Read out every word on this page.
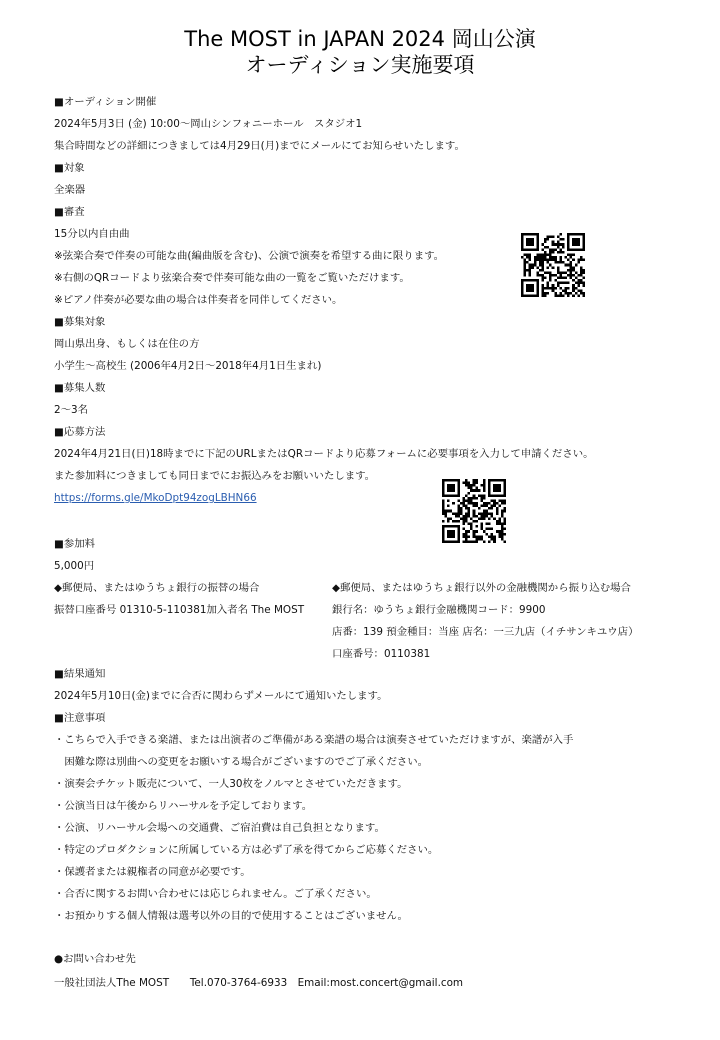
The MOST in JAPAN 2024 岡山公演
オーディション実施要項
■オーディション開催
2024年5月3日 (金) 10:00～岡山シンフォニーホール　スタジオ1
集合時間などの詳細につきましては4月29日(月)までにメールにてお知らせいたします。
■対象
全楽器
■審査
15分以内自由曲
※弦楽合奏で伴奏の可能な曲(編曲版を含む)、公演で演奏を希望する曲に限ります。
※右側のQRコードより弦楽合奏で伴奏可能な曲の一覧をご覧いただけます。
※ピアノ伴奏が必要な曲の場合は伴奏者を同伴してください。
■募集対象
岡山県出身、もしくは在住の方
小学生～高校生 (2006年4月2日～2018年4月1日生まれ)
■募集人数
2～3名
■応募方法
2024年4月21日(日)18時までに下記のURLまたはQRコードより応募フォームに必要事項を入力して申請ください。
また参加料につきましても同日までにお振込みをお願いいたします。
https://forms.gle/MkoDpt94zogLBHN66
■参加料
5,000円
◆郵便局、またはゆうちょ銀行の振替の場合
振替口座番号 01310-5-110381加入者名 The MOST
◆郵便局、またはゆうちょ銀行以外の金融機関から振り込む場合
銀行名：ゆうちょ銀行金融機関コード：9900
店番：139 預金種目：当座 店名：一三九店（イチサンキユウ店）
口座番号：0110381
■結果通知
2024年5月10日(金)までに合否に関わらずメールにて通知いたします。
■注意事項
・こちらで入手できる楽譜、または出演者のご準備がある楽譜の場合は演奏させていただけますが、楽譜が入手
　困難な際は別曲への変更をお願いする場合がございますのでご了承ください。
・演奏会チケット販売について、一人30枚をノルマとさせていただきます。
・公演当日は午後からリハーサルを予定しております。
・公演、リハーサル会場への交通費、ご宿泊費は自己負担となります。
・特定のプロダクションに所属している方は必ず了承を得てからご応募ください。
・保護者または親権者の同意が必要です。
・合否に関するお問い合わせには応じられません。ご了承ください。
・お預かりする個人情報は選考以外の目的で使用することはございません。
●お問い合わせ先
一般社団法人The MOST　　Tel.070-3764-6933　Email:most.concert@gmail.com
